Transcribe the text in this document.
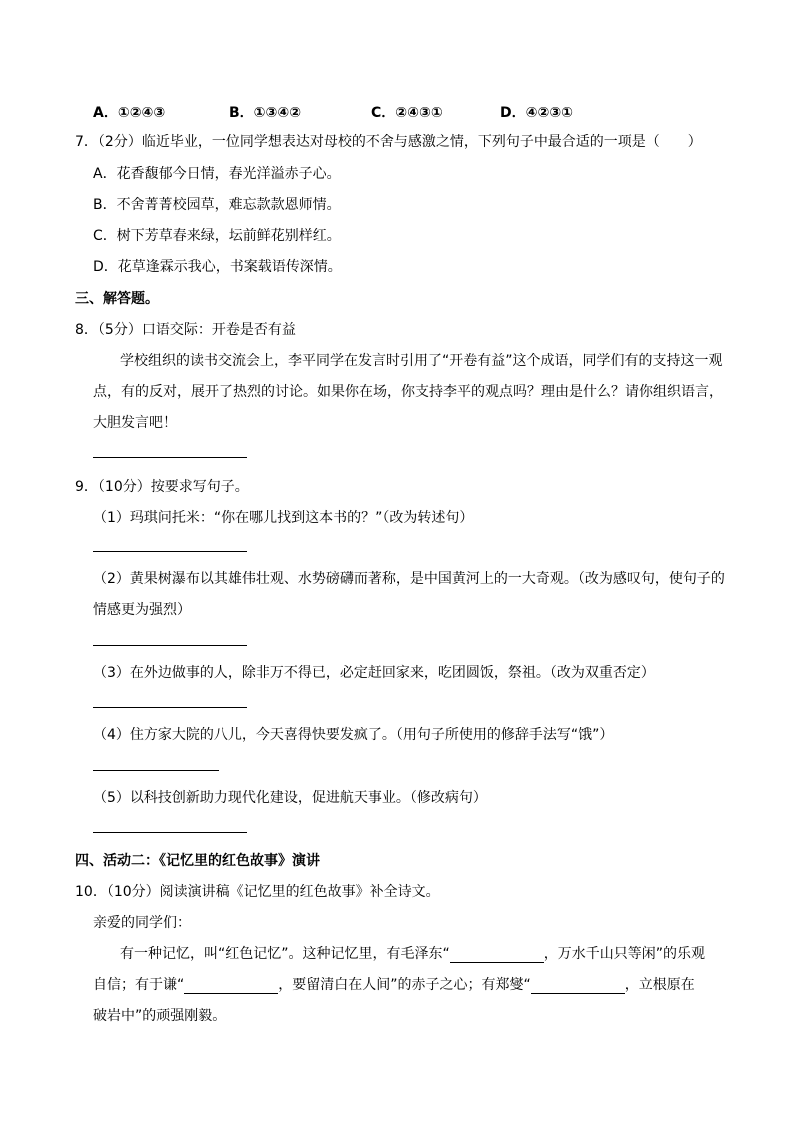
A．①②④③	B．①③④②	C．②④③①	D．④②③①
7．（2分）临近毕业，一位同学想表达对母校的不舍与感激之情，下列句子中最合适的一项是（　　）
A．花香馥郁今日情，春光洋溢赤子心。
B．不舍菁菁校园草，难忘款款恩师情。
C．树下芳草春来绿，坛前鲜花别样红。
D．花草逢霖示我心，书案载语传深情。
三、解答题。
8．（5分）口语交际：开卷是否有益
学校组织的读书交流会上，李平同学在发言时引用了“开卷有益”这个成语，同学们有的支持这一观
点，有的反对，展开了热烈的讨论。如果你在场，你支持李平的观点吗？理由是什么？请你组织语言，
大胆发言吧！
9．（10分）按要求写句子。
（1）玛琪问托米：“你在哪儿找到这本书的？”（改为转述句）
（2）黄果树瀑布以其雄伟壮观、水势磅礴而著称，是中国黄河上的一大奇观。（改为感叹句，使句子的
情感更为强烈）
（3）在外边做事的人，除非万不得已，必定赶回家来，吃团圆饭，祭祖。（改为双重否定）
（4）住方家大院的八儿，今天喜得快要发疯了。（用句子所使用的修辞手法写“饿”）
（5）以科技创新助力现代化建设，促进航天事业。（修改病句）
四、活动二：《记忆里的红色故事》演讲
10．（10分）阅读演讲稿《记忆里的红色故事》补全诗文。
亲爱的同学们：
有一种记忆，叫“红色记忆”。这种记忆里，有毛泽东“	，万水千山只等闲”的乐观
自信；有于谦“	，要留清白在人间”的赤子之心；有郑燮“	，立根原在
破岩中”的顽强刚毅。
